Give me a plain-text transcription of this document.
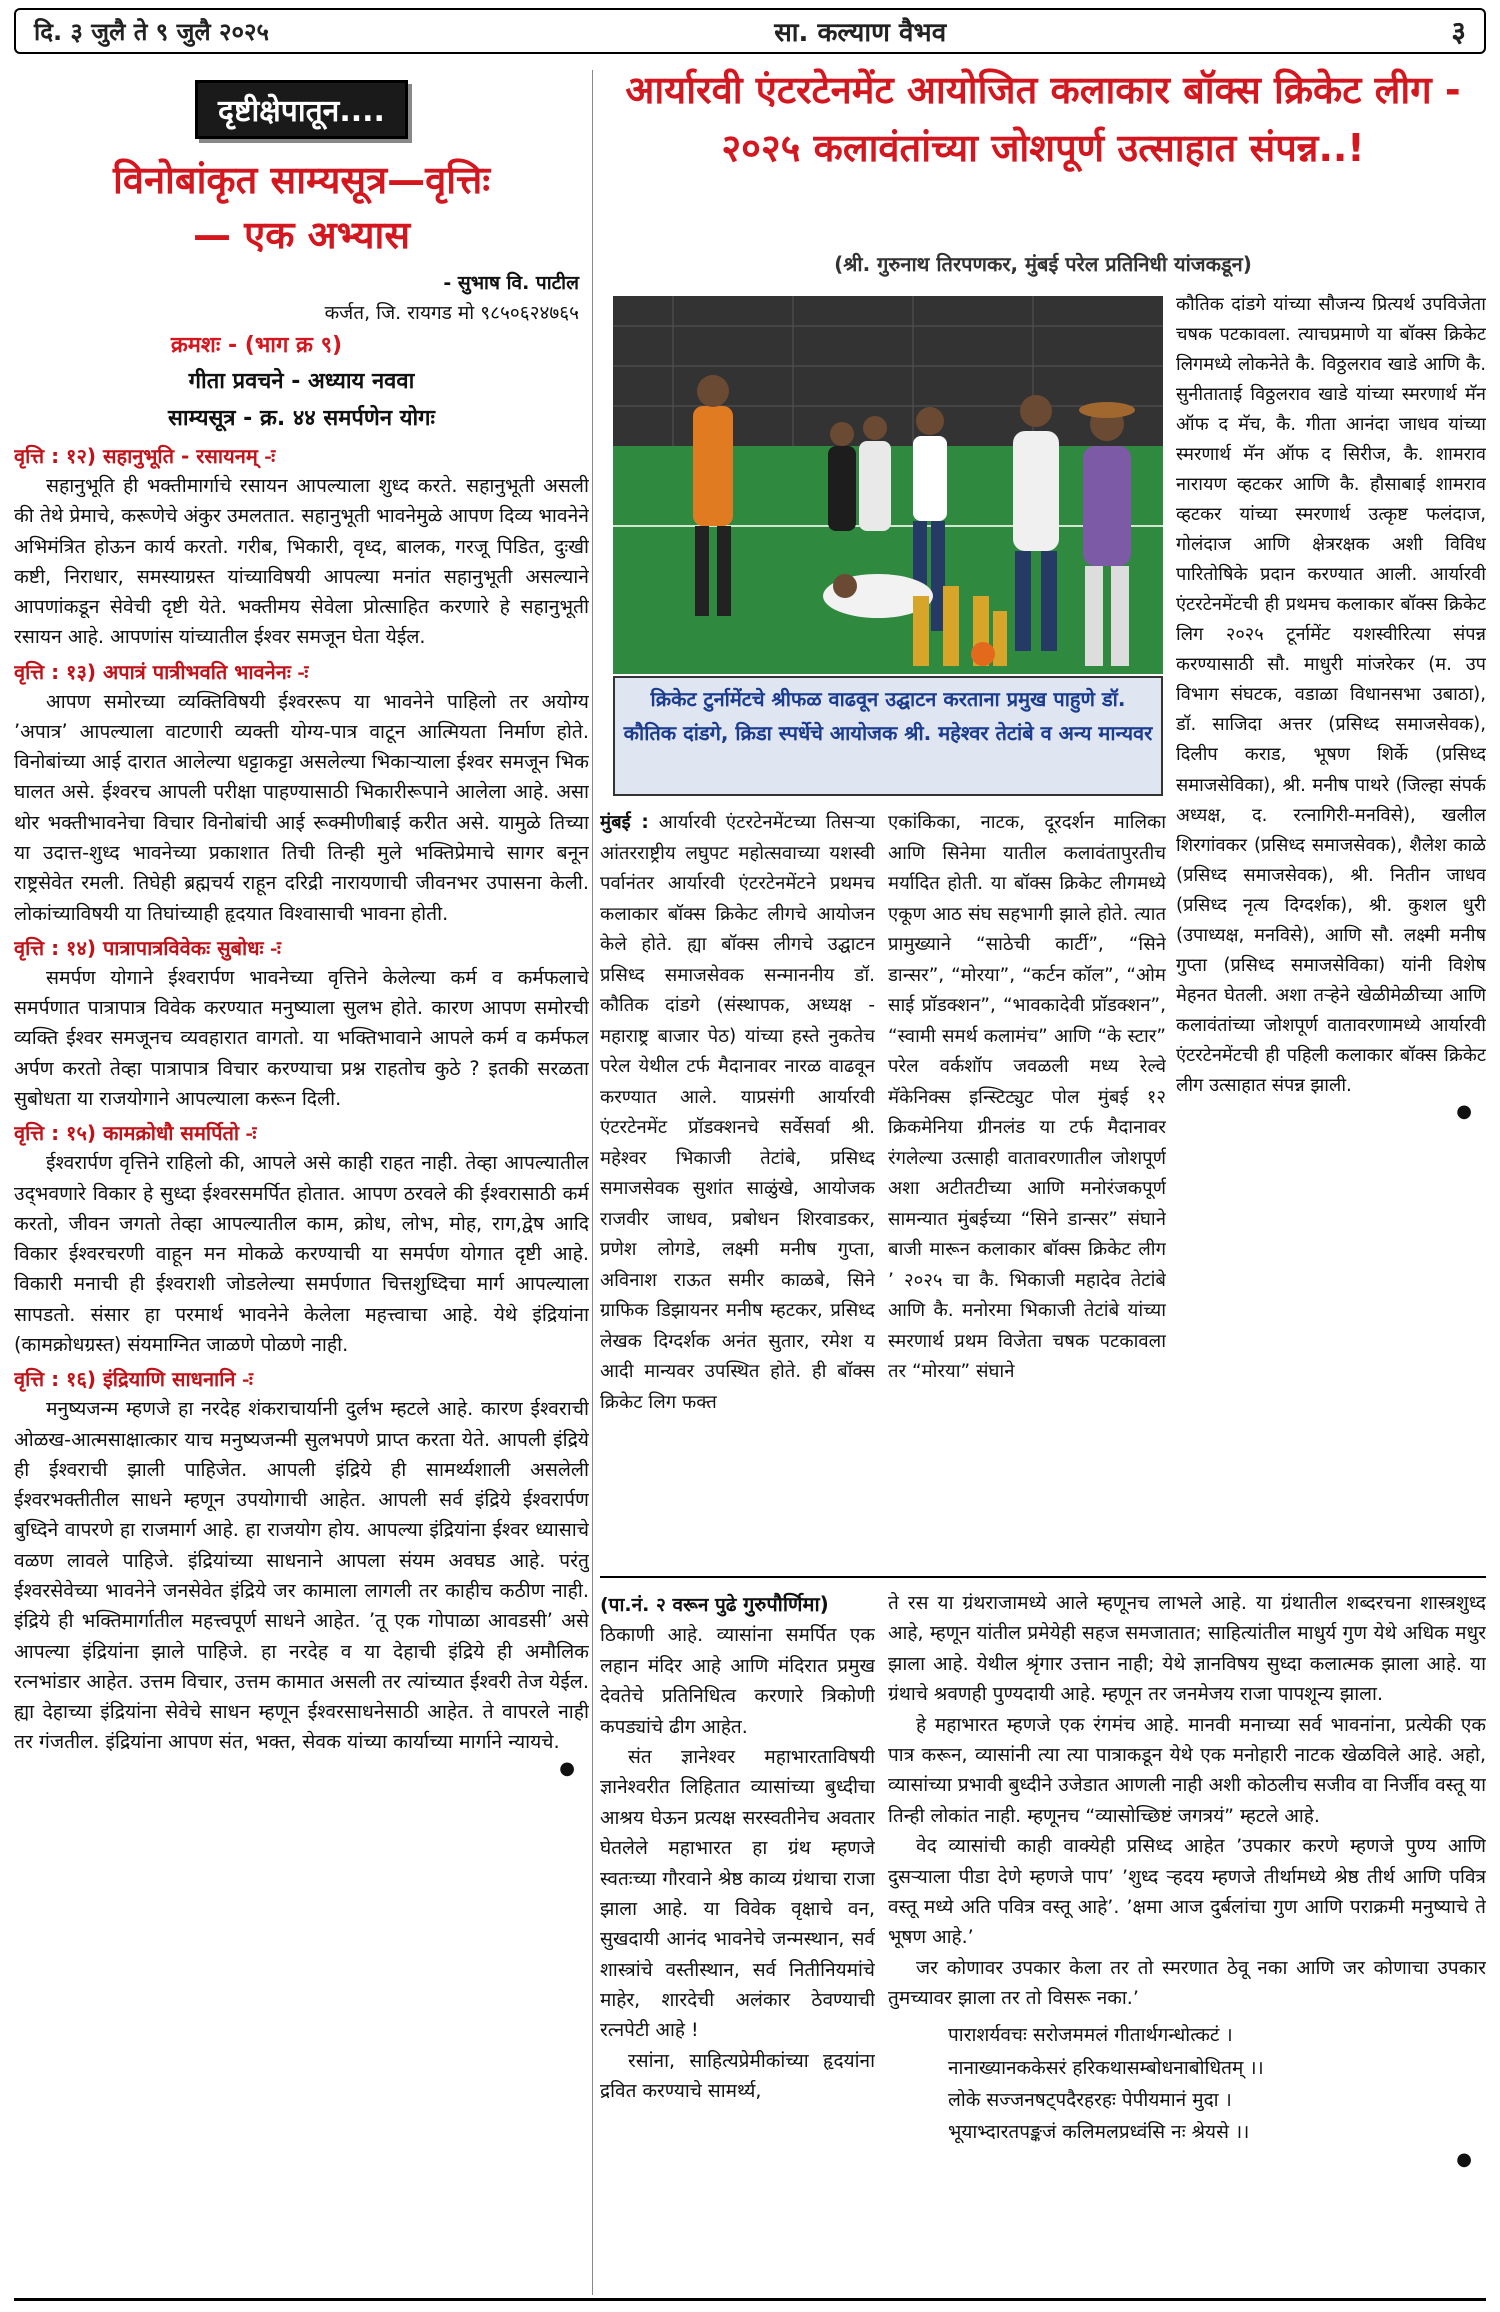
दि. ३ जुलै ते ९ जुलै २०२५	सा. कल्याण वैभव	३
दृष्टीक्षेपातून....
विनोबांकृत साम्यसूत्र—वृत्तिः
— एक अभ्यास
- सुभाष वि. पाटील
कर्जत, जि. रायगड मो ९८५०६२४७६५
क्रमशः - (भाग क्र ९)
गीता प्रवचने - अध्याय नववा
साम्यसूत्र - क्र. ४४ समर्पणेन योगः
वृत्ति : १२) सहानुभूति - रसायनम् -ः

सहानुभूति ही भक्तीमार्गाचे रसायन आपल्याला शुध्द करते. सहानुभूती असली की तेथे प्रेमाचे, करूणेचे अंकुर उमलतात. सहानुभूती भावनेमुळे आपण दिव्य भावनेने अभिमंत्रित होऊन कार्य करतो. गरीब, भिकारी, वृध्द, बालक, गरजू पिडित, दुःखी कष्टी, निराधार, समस्याग्रस्त यांच्याविषयी आपल्या मनांत सहानुभूती असल्याने आपणांकडून सेवेची दृष्टी येते. भक्तीमय सेवेला प्रोत्साहित करणारे हे सहानुभूती रसायन आहे. आपणांस यांच्यातील ईश्वर समजून घेता येईल.

वृत्ति : १३) अपात्रं पात्रीभवति भावनेनः -ः

आपण समोरच्या व्यक्तिविषयी ईश्वररूप या भावनेने पाहिलो तर अयोग्य ’अपात्र’ आपल्याला वाटणारी व्यक्ती योग्य-पात्र वाटून आत्मियता निर्माण होते. विनोबांच्या आई दारात आलेल्या धट्टाकट्टा असलेल्या भिकाऱ्याला ईश्वर समजून भिक घालत असे. ईश्वरच आपली परीक्षा पाहण्यासाठी भिकारीरूपाने आलेला आहे. असा थोर भक्तीभावनेचा विचार विनोबांची आई रूक्मीणीबाई करीत असे. यामुळे तिच्या या उदात्त-शुध्द भावनेच्या प्रकाशात तिची तिन्ही मुले भक्तिप्रेमाचे सागर बनून राष्ट्रसेवेत रमली. तिघेही ब्रह्मचर्य राहून दरिद्री नारायणाची जीवनभर उपासना केली. लोकांच्याविषयी या तिघांच्याही हृदयात विश्वासाची भावना होती.

वृत्ति : १४) पात्रापात्रविवेकः सुबोधः -ः

समर्पण योगाने ईश्वरार्पण भावनेच्या वृत्तिने केलेल्या कर्म व कर्मफलाचे समर्पणात पात्रापात्र विवेक करण्यात मनुष्याला सुलभ होते. कारण आपण समोरची व्यक्ति ईश्वर समजूनच व्यवहारात वागतो. या भक्तिभावाने आपले कर्म व कर्मफल अर्पण करतो तेव्हा पात्रापात्र विचार करण्याचा प्रश्न राहतोच कुठे ? इतकी सरळता सुबोधता या राजयोगाने आपल्याला करून दिली.

वृत्ति : १५) कामक्रोधौ समर्पितो -ः

ईश्वरार्पण वृत्तिने राहिलो की, आपले असे काही राहत नाही. तेव्हा आपल्यातील उद्‌भवणारे विकार हे सुध्दा ईश्वरसमर्पित होतात. आपण ठरवले की ईश्वरासाठी कर्म करतो, जीवन जगतो तेव्हा आपल्यातील काम, क्रोध, लोभ, मोह, राग,द्वेष आदि विकार ईश्वरचरणी वाहून मन मोकळे करण्याची या समर्पण योगात दृष्टी आहे. विकारी मनाची ही ईश्वराशी जोडलेल्या समर्पणात चित्तशुध्दिचा मार्ग आपल्याला सापडतो. संसार हा परमार्थ भावनेने केलेला महत्त्वाचा आहे. येथे इंद्रियांना (कामक्रोधग्रस्त) संयमाग्नित जाळणे पोळणे नाही.

वृत्ति : १६) इंद्रियाणि साधनानि -ः

मनुष्यजन्म म्हणजे हा नरदेह शंकराचार्यानी दुर्लभ म्हटले आहे. कारण ईश्वराची ओळख-आत्मसाक्षात्कार याच मनुष्यजन्मी सुलभपणे प्राप्त करता येते. आपली इंद्रिये ही ईश्वराची झाली पाहिजेत. आपली इंद्रिये ही सामर्थ्यशाली असलेली ईश्वरभक्तीतील साधने म्हणून उपयोगाची आहेत. आपली सर्व इंद्रिये ईश्वरार्पण बुध्दिने वापरणे हा राजमार्ग आहे. हा राजयोग होय. आपल्या इंद्रियांना ईश्वर ध्यासाचे वळण लावले पाहिजे. इंद्रियांच्या साधनाने आपला संयम अवघड आहे. परंतु ईश्वरसेवेच्या भावनेने जनसेवेत इंद्रिये जर कामाला लागली तर काहीच कठीण नाही. इंद्रिये ही भक्तिमार्गातील महत्त्वपूर्ण साधने आहेत. ’तू एक गोपाळा आवडसी’ असे आपल्या इंद्रियांना झाले पाहिजे. हा नरदेह व या देहाची इंद्रिये ही अमौलिक रत्नभांडार आहेत. उत्तम विचार, उत्तम कामात असली तर त्यांच्यात ईश्वरी तेज येईल. ह्या देहाच्या इंद्रियांना सेवेचे साधन म्हणून ईश्वरसाधनेसाठी आहेत. ते वापरले नाही तर गंजतील. इंद्रियांना आपण संत, भक्त, सेवक यांच्या कार्याच्या मार्गाने न्यायचे.

●
आर्यारवी एंटरटेनमेंट आयोजित कलाकार बॉक्स क्रिकेट लीग - २०२५ कलावंतांच्या जोशपूर्ण उत्साहात संपन्न..!
(श्री. गुरुनाथ तिरपणकर, मुंबई परेल प्रतिनिधी यांजकडून)
क्रिकेट टुर्नामेंटचे श्रीफळ वाढवून उद्घाटन करताना प्रमुख पाहुणे डॉ. कौतिक दांडगे, क्रिडा स्पर्धेचे आयोजक श्री. महेश्वर तेटांबे व अन्य मान्यवर

कौतिक दांडगे यांच्या सौजन्य प्रित्यर्थ उपविजेता चषक पटकावला. त्याचप्रमाणे या बॉक्स क्रिकेट लिगमध्ये लोकनेते कै. विठ्ठलराव खाडे आणि कै. सुनीताताई विठ्ठलराव खाडे यांच्या स्मरणार्थ मॅन ऑफ द मॅच, कै. गीता आनंदा जाधव यांच्या स्मरणार्थ मॅन ऑफ द सिरीज, कै. शामराव नारायण व्हटकर आणि कै. हौसाबाई शामराव व्हटकर यांच्या स्मरणार्थ उत्कृष्ट फलंदाज, गोलंदाज आणि क्षेत्ररक्षक अशी विविध पारितोषिके प्रदान करण्यात आली. आर्यारवी एंटरटेनमेंटची ही प्रथमच कलाकार बॉक्स क्रिकेट लिग २०२५ टूर्नामेंट यशस्वीरित्या संपन्न करण्यासाठी सौ. माधुरी मांजरेकर (म. उप विभाग संघटक, वडाळा विधानसभा उबाठा), डॉ. साजिदा अत्तर (प्रसिध्द समाजसेवक), दिलीप कराड, भूषण शिर्के (प्रसिध्द समाजसेविका), श्री. मनीष पाथरे (जिल्हा संपर्क अध्यक्ष, द. रत्नागिरी-मनविसे), खलील शिरगांवकर (प्रसिध्द समाजसेवक), शैलेश काळे (प्रसिध्द समाजसेवक), श्री. नितीन जाधव (प्रसिध्द नृत्य दिग्दर्शक), श्री. कुशल धुरी (उपाध्यक्ष, मनविसे), आणि सौ. लक्ष्मी मनीष गुप्ता (प्रसिध्द समाजसेविका) यांनी विशेष मेहनत घेतली. अशा तऱ्हेने खेळीमेळीच्या आणि कलावंतांच्या जोशपूर्ण वातावरणामध्ये आर्यारवी एंटरटेनमेंटची ही पहिली कलाकार बॉक्स क्रिकेट लीग उत्साहात संपन्न झाली.

●

मुंबई : आर्यारवी एंटरटेनमेंटच्या तिसऱ्या आंतरराष्ट्रीय लघुपट महोत्सवाच्या यशस्वी पर्वानंतर आर्यारवी एंटरटेनमेंटने प्रथमच कलाकार बॉक्स क्रिकेट लीगचे आयोजन केले होते. ह्या बॉक्स लीगचे उद्घाटन प्रसिध्द समाजसेवक सन्माननीय डॉ. कौतिक दांडगे (संस्थापक, अध्यक्ष - महाराष्ट्र बाजार पेठ) यांच्या हस्ते नुकतेच परेल येथील टर्फ मैदानावर नारळ वाढवून करण्यात आले. याप्रसंगी आर्यारवी एंटरटेनमेंट प्रॉडक्शनचे सर्वेसर्वा श्री. महेश्वर भिकाजी तेटांबे, प्रसिध्द समाजसेवक सुशांत साळुंखे, आयोजक राजवीर जाधव, प्रबोधन शिरवाडकर, प्रणेश लोगडे, लक्ष्मी मनीष गुप्ता, अविनाश राऊत समीर काळबे, सिने ग्राफिक डिझायनर मनीष म्हटकर, प्रसिध्द लेखक दिग्दर्शक अनंत सुतार, रमेश य आदी मान्यवर उपस्थित होते. ही बॉक्स क्रिकेट लिग फक्त

एकांकिका, नाटक, दूरदर्शन मालिका आणि सिनेमा यातील कलावंतापुरतीच मर्यादित होती. या बॉक्स क्रिकेट लीगमध्ये एकूण आठ संघ सहभागी झाले होते. त्यात प्रामुख्याने “साठेची कार्टी”, “सिने डान्सर”, “मोरया”, “कर्टन कॉल”, “ओम साई प्रॉडक्शन”, “भावकादेवी प्रॉडक्शन”, “स्वामी समर्थ कलामंच” आणि “के स्टार” परेल वर्कशॉप जवळली मध्य रेल्वे मॅकेनिक्स इन्स्टिट्युट पोल मुंबई १२ क्रिकमेनिया ग्रीनलंड या टर्फ मैदानावर रंगलेल्या उत्साही वातावरणातील जोशपूर्ण अशा अटीतटीच्या आणि मनोरंजकपूर्ण सामन्यात मुंबईच्या “सिने डान्सर” संघाने बाजी मारून कलाकार बॉक्स क्रिकेट लीग ’ २०२५ चा कै. भिकाजी महादेव तेटांबे आणि कै. मनोरमा भिकाजी तेटांबे यांच्या स्मरणार्थ प्रथम विजेता चषक पटकावला तर “मोरया” संघाने

(पा.नं. २ वरून पुढे गुरुपौर्णिमा)

ठिकाणी आहे. व्यासांना समर्पित एक लहान मंदिर आहे आणि मंदिरात प्रमुख देवतेचे प्रतिनिधित्व करणारे त्रिकोणी कपड्यांचे ढीग आहेत.

संत ज्ञानेश्वर महाभारताविषयी ज्ञानेश्वरीत लिहितात व्यासांच्या बुध्दीचा आश्रय घेऊन प्रत्यक्ष सरस्वतीनेच अवतार घेतलेले महाभारत हा ग्रंथ म्हणजे स्वतःच्या गौरवाने श्रेष्ठ काव्य ग्रंथाचा राजा झाला आहे. या विवेक वृक्षाचे वन, सुखदायी आनंद भावनेचे जन्मस्थान, सर्व शास्त्रांचे वस्तीस्थान, सर्व नितीनियमांचे माहेर, शारदेची अलंकार ठेवण्याची रत्नपेटी आहे !

रसांना, साहित्यप्रेमीकांच्या हृदयांना द्रवित करण्याचे सामर्थ्य,

ते रस या ग्रंथराजामध्ये आले म्हणूनच लाभले आहे. या ग्रंथातील शब्दरचना शास्त्रशुध्द आहे, म्हणून यांतील प्रमेयेही सहज समजातात; साहित्यांतील माधुर्य गुण येथे अधिक मधुर झाला आहे. येथील श्रृंगार उत्तान नाही; येथे ज्ञानविषय सुध्दा कलात्मक झाला आहे. या ग्रंथाचे श्रवणही पुण्यदायी आहे. म्हणून तर जनमेजय राजा पापशून्य झाला.

हे महाभारत म्हणजे एक रंगमंच आहे. मानवी मनाच्या सर्व भावनांना, प्रत्येकी एक पात्र करून, व्यासांनी त्या त्या पात्राकडून येथे एक मनोहारी नाटक खेळविले आहे. अहो, व्यासांच्या प्रभावी बुध्दीने उजेडात आणली नाही अशी कोठलीच सजीव वा निर्जीव वस्तू या तिन्ही लोकांत नाही. म्हणूनच “व्यासोच्छिष्टं जगत्रयं” म्हटले आहे.

वेद व्यासांची काही वाक्येही प्रसिध्द आहेत ’उपकार करणे म्हणजे पुण्य आणि दुसऱ्याला पीडा देणे म्हणजे पाप’ ’शुध्द ऱ्हदय म्हणजे तीर्थामध्ये श्रेष्ठ तीर्थ आणि पवित्र वस्तू मध्ये अति पवित्र वस्तू आहे’. ’क्षमा आज दुर्बलांचा गुण आणि पराक्रमी मनुष्याचे ते भूषण आहे.’

जर कोणावर उपकार केला तर तो स्मरणात ठेवू नका आणि जर कोणाचा उपकार तुमच्यावर झाला तर तो विसरू नका.’

पाराशर्यवचः सरोजममलं गीतार्थगन्धोत्कटं ।
नानाख्यानककेसरं हरिकथासम्बोधनाबोधितम् ।।
लोके सज्जनषट्पदैरहरहः पेपीयमानं मुदा ।
भूयाभ्दारतपङ्कजं कलिमलप्रध्वंसि नः श्रेयसे ।।
●
